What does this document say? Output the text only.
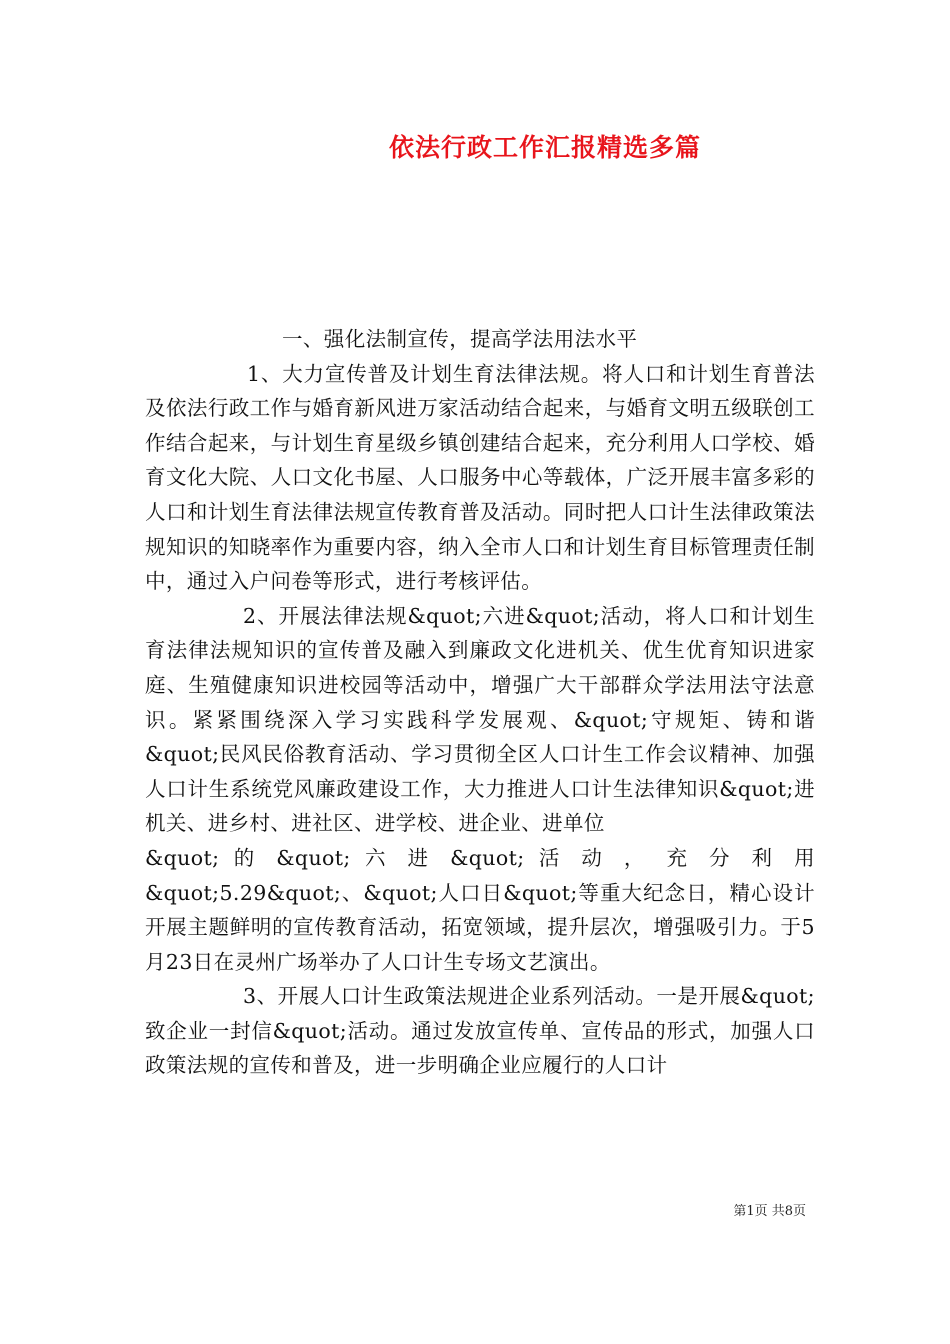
依法行政工作汇报精选多篇

一、强化法制宣传，提高学法用法水平

1、大力宣传普及计划生育法律法规。将人口和计划生育普法及依法行政工作与婚育新风进万家活动结合起来，与婚育文明五级联创工作结合起来，与计划生育星级乡镇创建结合起来，充分利用人口学校、婚育文化大院、人口文化书屋、人口服务中心等载体，广泛开展丰富多彩的人口和计划生育法律法规宣传教育普及活动。同时把人口计生法律政策法规知识的知晓率作为重要内容，纳入全市人口和计划生育目标管理责任制中，通过入户问卷等形式，进行考核评估。

2、开展法律法规&quot;六进&quot;活动，将人口和计划生育法律法规知识的宣传普及融入到廉政文化进机关、优生优育知识进家庭、生殖健康知识进校园等活动中，增强广大干部群众学法用法守法意识。紧紧围绕深入学习实践科学发展观、&quot;守规矩、铸和谐&quot;民风民俗教育活动、学习贯彻全区人口计生工作会议精神、加强人口计生系统党风廉政建设工作，大力推进人口计生法律知识&quot;进机关、进乡村、进社区、进学校、进企业、进单位

&quot; 的 &quot; 六 进 &quot; 活 动 ， 充 分 利 用

&quot;5.29&quot;、&quot;人口日&quot;等重大纪念日，精心设计开展主题鲜明的宣传教育活动，拓宽领域，提升层次，增强吸引力。于5月23日在灵州广场举办了人口计生专场文艺演出。

3、开展人口计生政策法规进企业系列活动。一是开展&quot;致企业一封信&quot;活动。通过发放宣传单、宣传品的形式，加强人口政策法规的宣传和普及，进一步明确企业应履行的人口计

第1页 共8页
